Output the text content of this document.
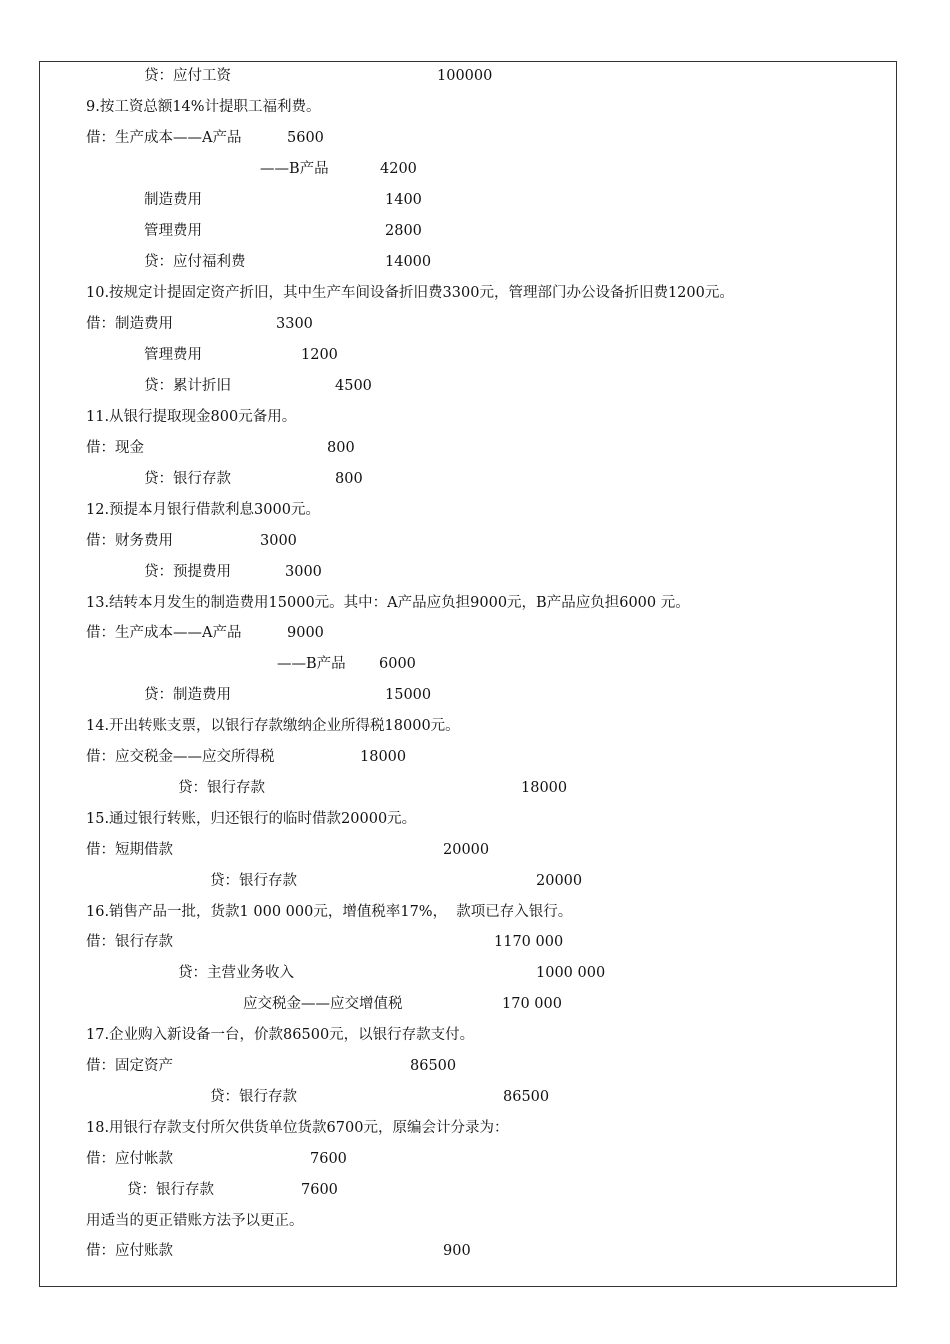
贷：应付工资

	100000

9.按工资总额14%计提职工福利费。

借：生产成本——A产品

	5600

——B产品

	4200

制造费用

	1400

管理费用

	2800

贷：应付福利费

	14000

10.按规定计提固定资产折旧，其中生产车间设备折旧费3300元，管理部门办公设备折旧费1200元。

借：制造费用

	3300

管理费用

	1200

贷：累计折旧

	4500

11.从银行提取现金800元备用。

借：现金

	800

贷：银行存款

	800

12.预提本月银行借款利息3000元。

借：财务费用

	3000

贷：预提费用

	3000

13.结转本月发生的制造费用15000元。其中：A产品应负担9000元，B产品应负担6000 元。

借：生产成本——A产品

	9000

——B产品

6000

贷：制造费用

	15000

14.开出转账支票，以银行存款缴纳企业所得税18000元。

借：应交税金——应交所得税

	18000

贷：银行存款

	18000

15.通过银行转账，归还银行的临时借款20000元。

借：短期借款

	20000

贷：银行存款

	20000

16.销售产品一批，货款1 000 000元，增值税率17%，  款项已存入银行。

借：银行存款

	1170 000

贷：主营业务收入

	1000 000

应交税金——应交增值税

	170 000

17.企业购入新设备一台，价款86500元，以银行存款支付。

借：固定资产

	86500

贷：银行存款

	86500

18.用银行存款支付所欠供货单位货款6700元，原编会计分录为：

借：应付帐款

	7600

贷：银行存款

	7600

用适当的更正错账方法予以更正。

借：应付账款

	900
